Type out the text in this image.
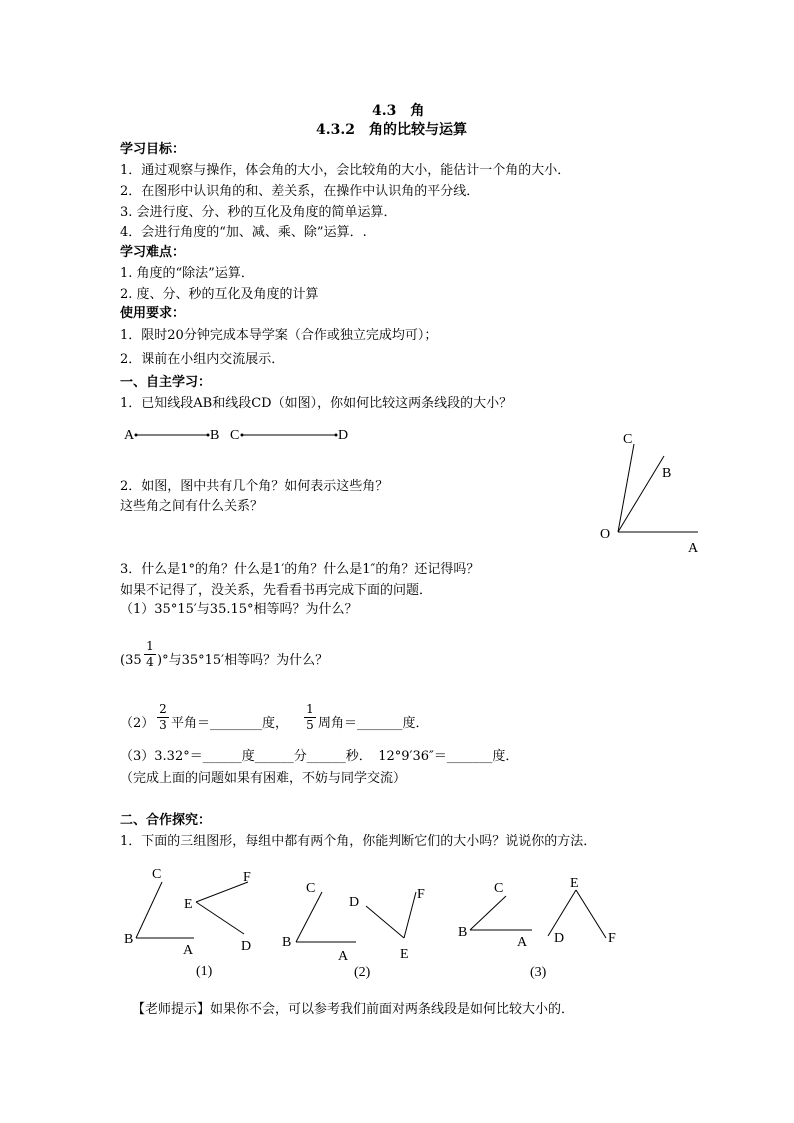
4.3　角
4.3.2　角的比较与运算
学习目标：
1．通过观察与操作，体会角的大小，会比较角的大小，能估计一个角的大小．
2．在图形中认识角的和、差关系，在操作中认识角的平分线．
3. 会进行度、分、秒的互化及角度的简单运算．
4．会进行角度的“加、减、乘、除”运算．.
学习难点：
1. 角度的“除法”运算．
2. 度、分、秒的互化及角度的计算
使用要求：
1．限时20分钟完成本导学案（合作或独立完成均可）；
2．课前在小组内交流展示．
一、自主学习：
1．已知线段AB和线段CD（如图），你如何比较这两条线段的大小？
A	B C	D	C
B
O
A
2．如图，图中共有几个角？如何表示这些角？
这些角之间有什么关系？
3．什么是1°的角？什么是1′的角？什么是1″的角？还记得吗？
如果不记得了，没关系，先看看书再完成下面的问题．
（1）35°15′与35.15°相等吗？为什么？
(35
1
4 )°与35°15′相等吗？为什么？
（2）
2
3 平角＝________度，
1
5 周角＝_______度．
（3）3.32°＝______度______分______秒．　12°9′36″＝_______度．
（完成上面的问题如果有困难，不妨与同学交流）
二、合作探究：
1．下面的三组图形，每组中都有两个角，你能判断它们的大小吗？说说你的方法．
C
B
A
E
F
D
(1)
C
B
A
D
F
E
(2)
C
B
A
E
D	F
(3)
【老师提示】如果你不会，可以参考我们前面对两条线段是如何比较大小的．
